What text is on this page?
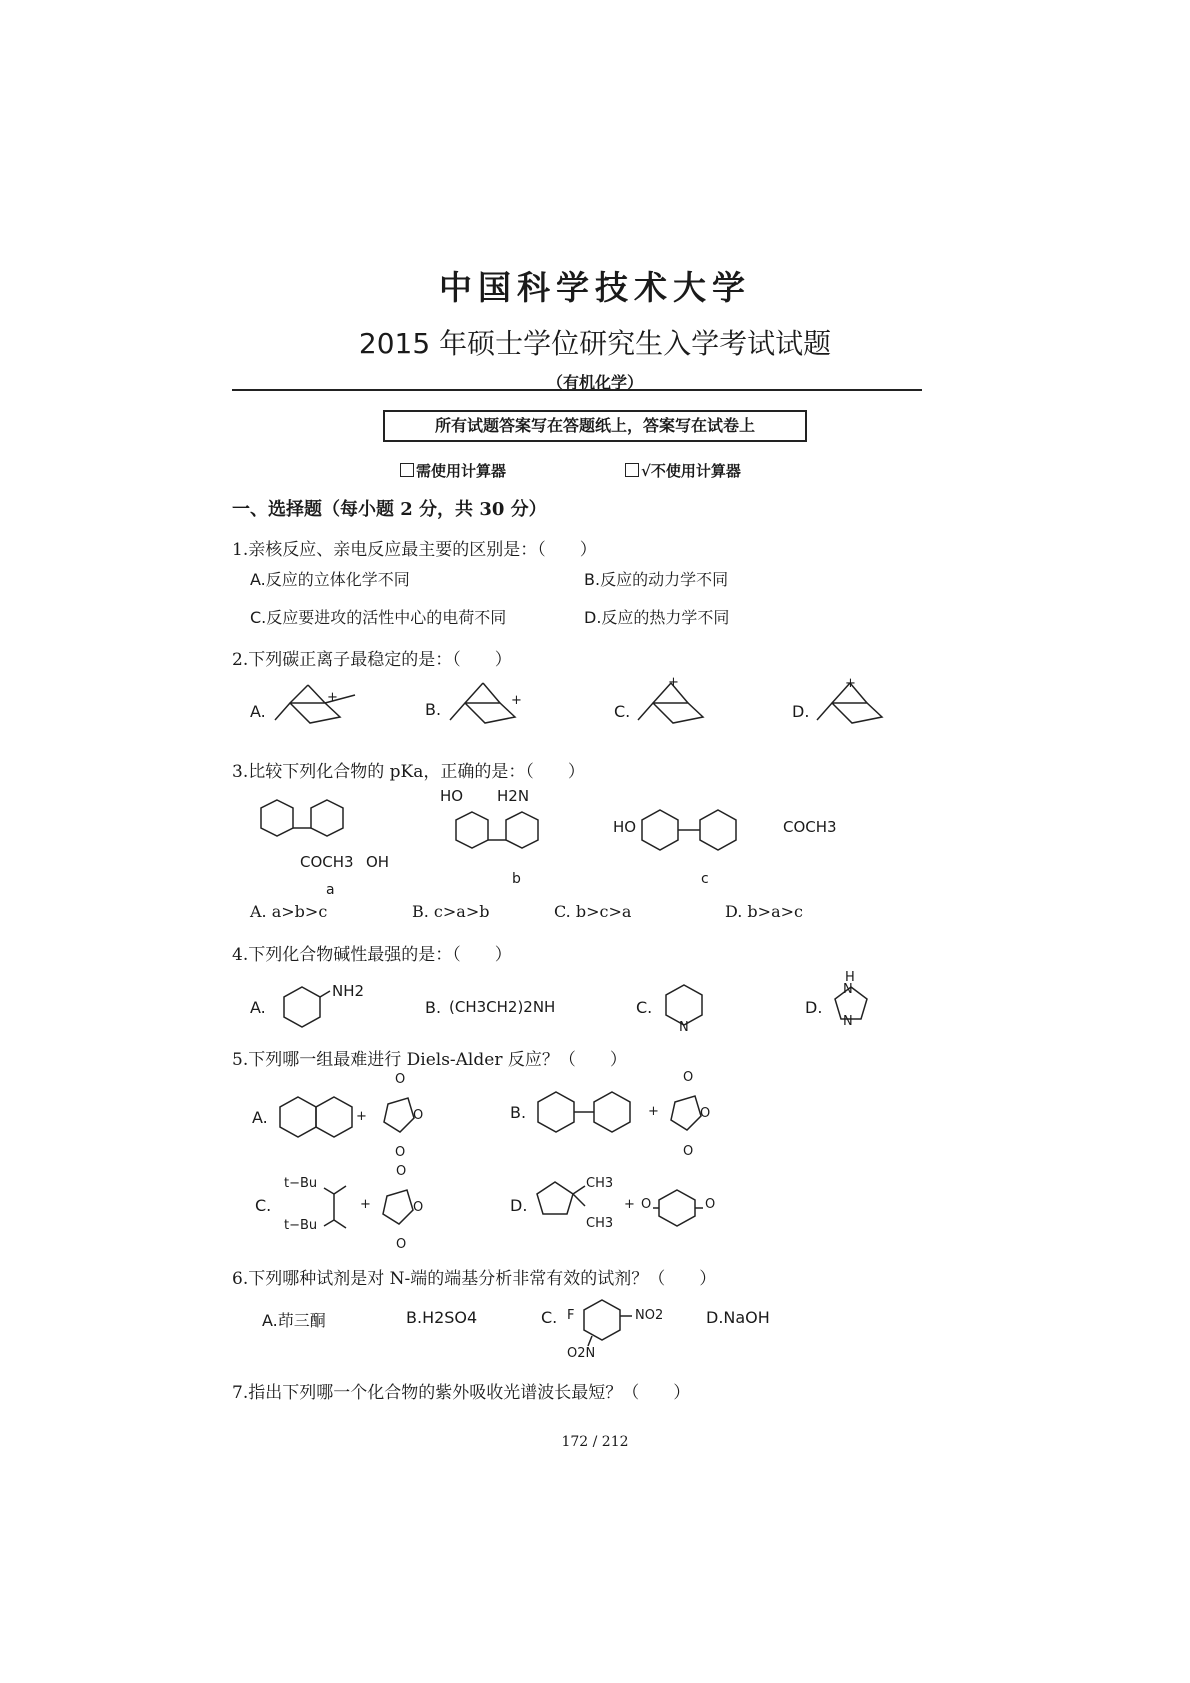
中国科学技术大学
2015 年硕士学位研究生入学考试试题
（有机化学）
所有试题答案写在答题纸上，答案写在试卷上
需使用计算器	√不使用计算器
一、选择题（每小题 2 分，共 30 分）
1.亲核反应、亲电反应最主要的区别是：（　　）
A.反应的立体化学不同	B.反应的动力学不同
C.反应要进攻的活性中心的电荷不同	D.反应的热力学不同
2.下列碳正离子最稳定的是：（　　）
A.	B.	C.	D.
+	+
+	+
3.比较下列化合物的 pKa，正确的是：（　　）
COCH3 OH
a
HO H2N
b
HO	COCH3
c
A. a>b>c	B. c>a>b	C. b>c>a	D. b>a>c
4.下列化合物碱性最强的是：（　　）
A.
NH2
B. (CH3CH2)2NH	C.
N
D.
H
N
N
5.下列哪一组最难进行 Diels-Alder 反应？（　　）
A.	+
O
O
O
B.	+
O
O
O
C.
t−Bu
t−Bu
+
O
O
O
D.
CH3
CH3
+ O	O
6.下列哪种试剂是对 N-端的端基分析非常有效的试剂？（　　）
A.茚三酮	B.H2SO4	C. F	NO2
O2N
D.NaOH
7.指出下列哪一个化合物的紫外吸收光谱波长最短？（　　）
172 / 212
